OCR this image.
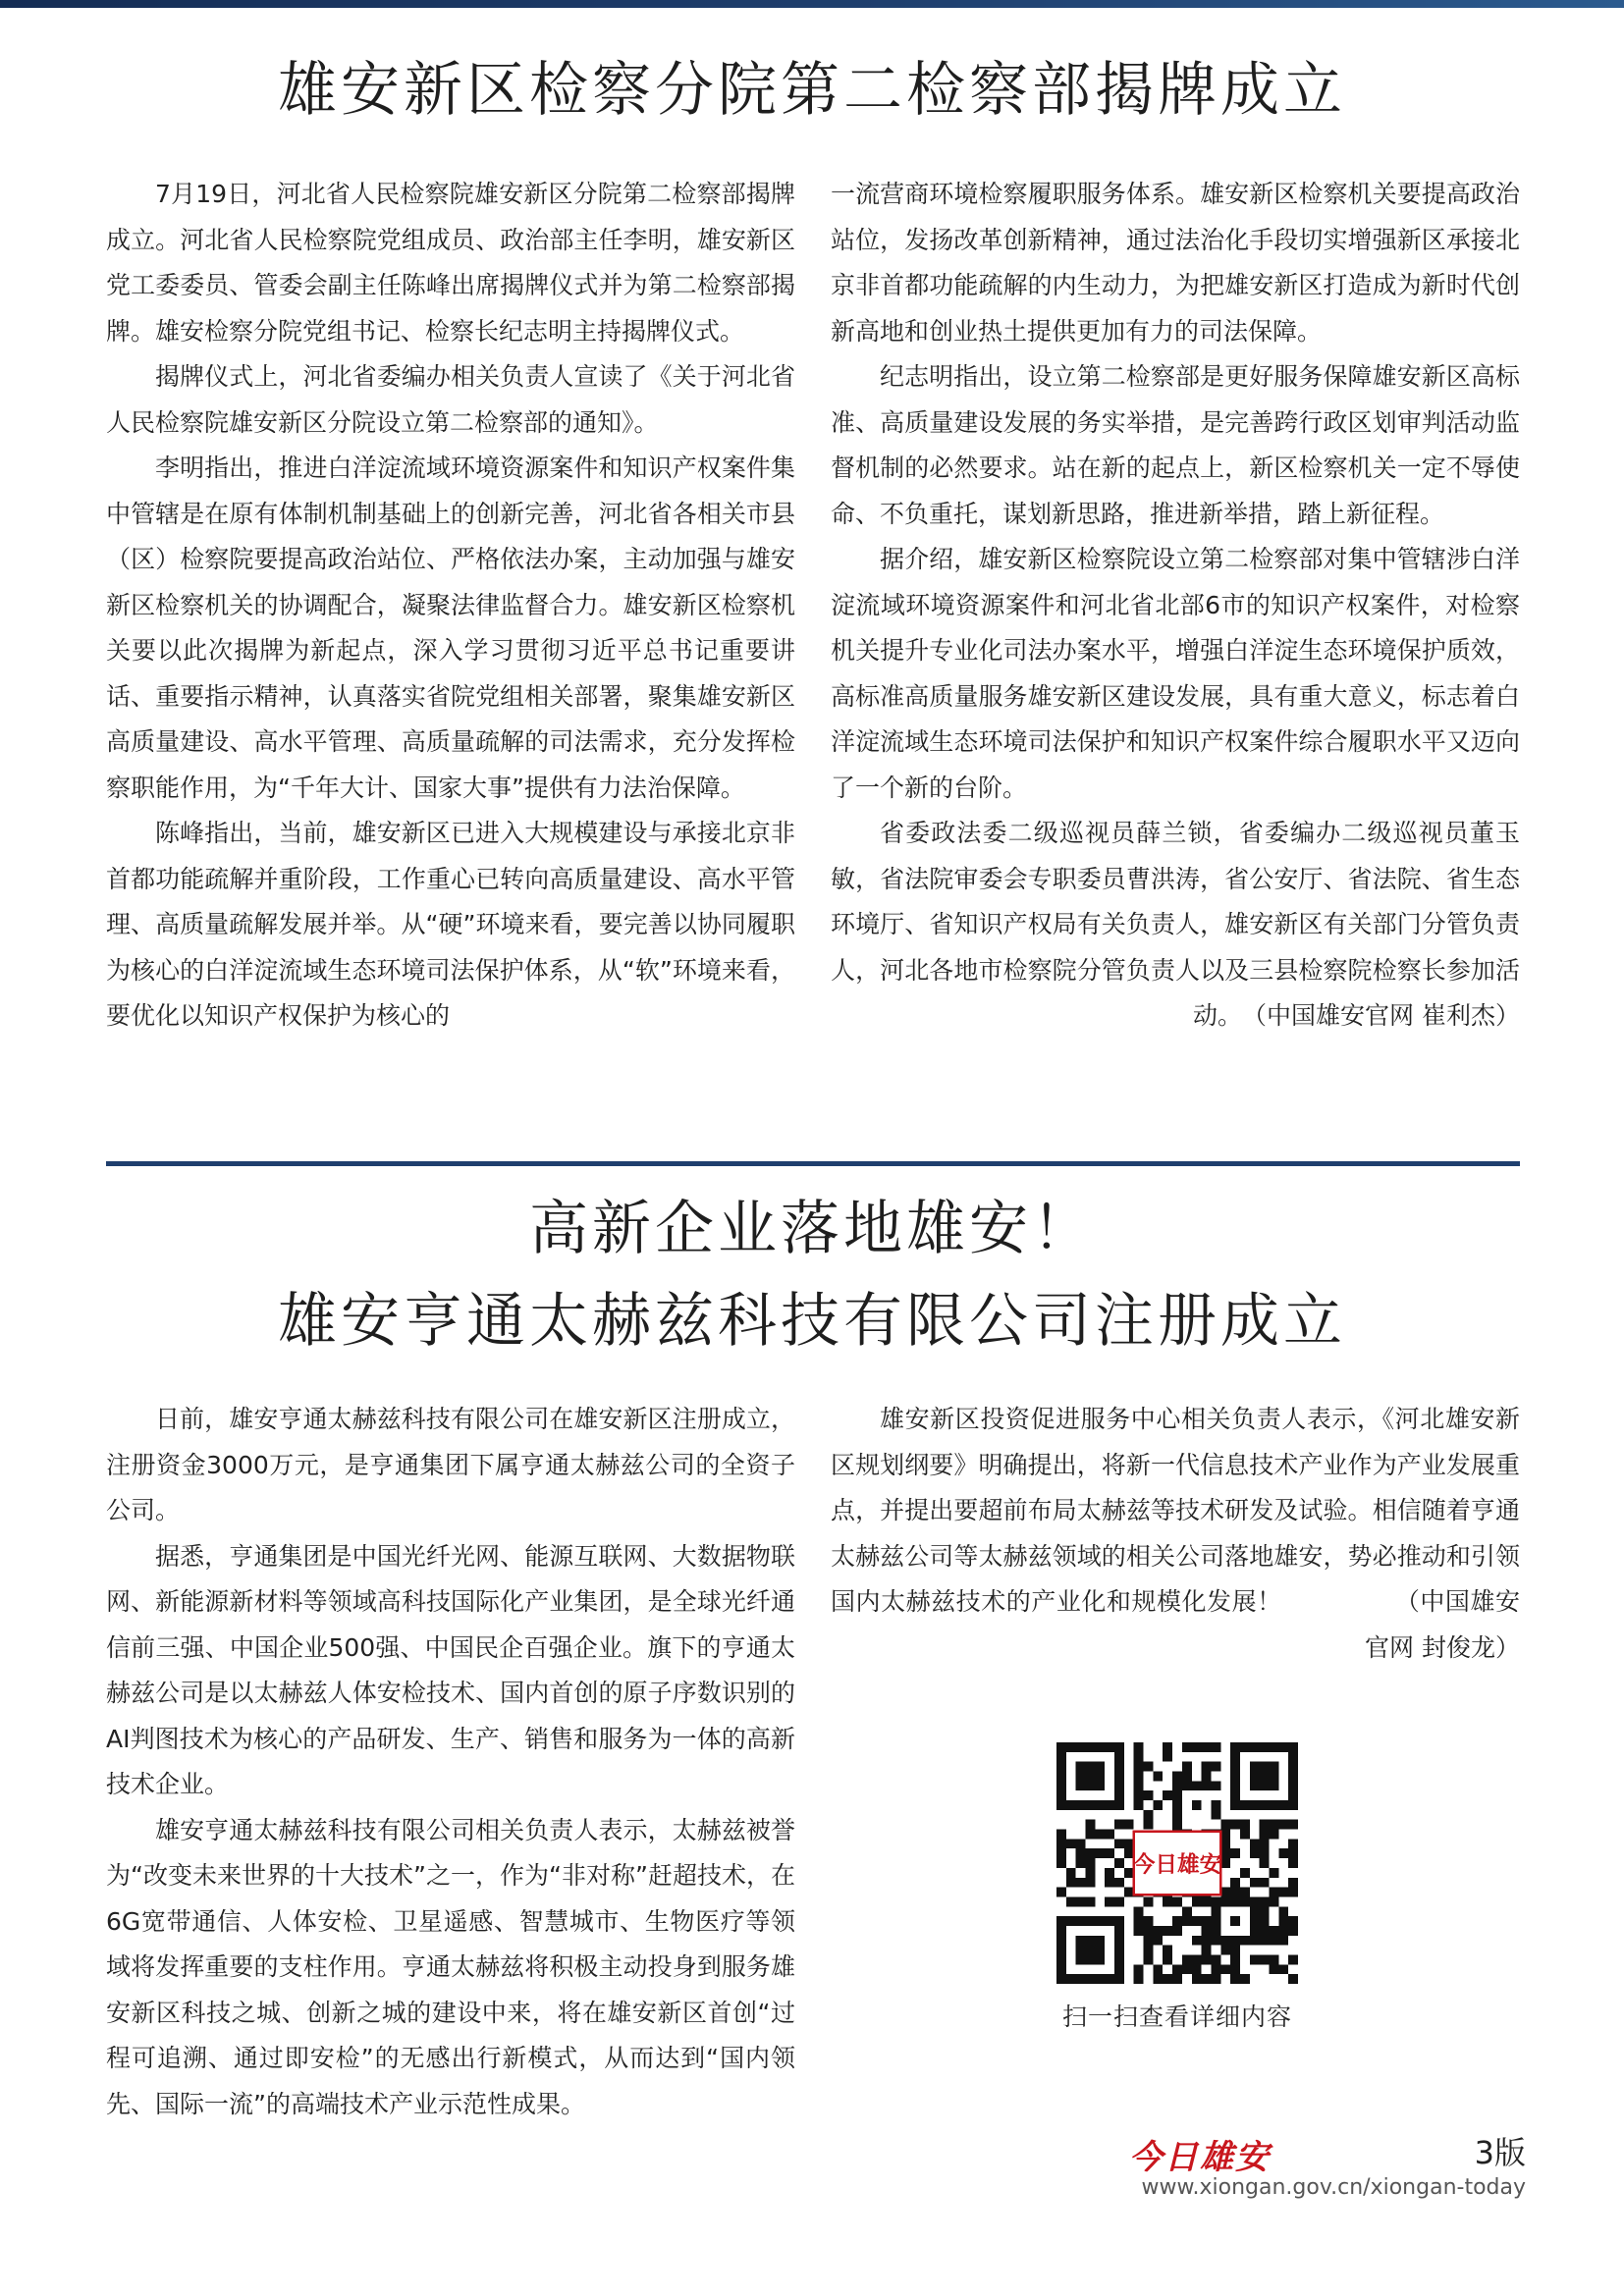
雄安新区检察分院第二检察部揭牌成立

7月19日，河北省人民检察院雄安新区分院第二检察部揭牌成立。河北省人民检察院党组成员、政治部主任李明，雄安新区党工委委员、管委会副主任陈峰出席揭牌仪式并为第二检察部揭牌。雄安检察分院党组书记、检察长纪志明主持揭牌仪式。

揭牌仪式上，河北省委编办相关负责人宣读了《关于河北省人民检察院雄安新区分院设立第二检察部的通知》。

李明指出，推进白洋淀流域环境资源案件和知识产权案件集中管辖是在原有体制机制基础上的创新完善，河北省各相关市县（区）检察院要提高政治站位、严格依法办案，主动加强与雄安新区检察机关的协调配合，凝聚法律监督合力。雄安新区检察机关要以此次揭牌为新起点，深入学习贯彻习近平总书记重要讲话、重要指示精神，认真落实省院党组相关部署，聚集雄安新区高质量建设、高水平管理、高质量疏解的司法需求，充分发挥检察职能作用，为“千年大计、国家大事”提供有力法治保障。

陈峰指出，当前，雄安新区已进入大规模建设与承接北京非首都功能疏解并重阶段，工作重心已转向高质量建设、高水平管理、高质量疏解发展并举。从“硬”环境来看，要完善以协同履职为核心的白洋淀流域生态环境司法保护体系，从“软”环境来看，要优化以知识产权保护为核心的

一流营商环境检察履职服务体系。雄安新区检察机关要提高政治站位，发扬改革创新精神，通过法治化手段切实增强新区承接北京非首都功能疏解的内生动力，为把雄安新区打造成为新时代创新高地和创业热土提供更加有力的司法保障。

纪志明指出，设立第二检察部是更好服务保障雄安新区高标准、高质量建设发展的务实举措，是完善跨行政区划审判活动监督机制的必然要求。站在新的起点上，新区检察机关一定不辱使命、不负重托，谋划新思路，推进新举措，踏上新征程。

据介绍，雄安新区检察院设立第二检察部对集中管辖涉白洋淀流域环境资源案件和河北省北部6市的知识产权案件，对检察机关提升专业化司法办案水平，增强白洋淀生态环境保护质效，高标准高质量服务雄安新区建设发展，具有重大意义，标志着白洋淀流域生态环境司法保护和知识产权案件综合履职水平又迈向了一个新的台阶。

省委政法委二级巡视员薛兰锁，省委编办二级巡视员董玉敏，省法院审委会专职委员曹洪涛，省公安厅、省法院、省生态环境厅、省知识产权局有关负责人，雄安新区有关部门分管负责人，河北各地市检察院分管负责人以及三县检察院检察长参加活动。　（中国雄安官网 崔利杰）

高新企业落地雄安！
雄安亨通太赫兹科技有限公司注册成立

日前，雄安亨通太赫兹科技有限公司在雄安新区注册成立，注册资金3000万元，是亨通集团下属亨通太赫兹公司的全资子公司。

据悉，亨通集团是中国光纤光网、能源互联网、大数据物联网、新能源新材料等领域高科技国际化产业集团，是全球光纤通信前三强、中国企业500强、中国民企百强企业。旗下的亨通太赫兹公司是以太赫兹人体安检技术、国内首创的原子序数识别的AI判图技术为核心的产品研发、生产、销售和服务为一体的高新技术企业。

雄安亨通太赫兹科技有限公司相关负责人表示，太赫兹被誉为“改变未来世界的十大技术”之一，作为“非对称”赶超技术，在6G宽带通信、人体安检、卫星遥感、智慧城市、生物医疗等领域将发挥重要的支柱作用。亨通太赫兹将积极主动投身到服务雄安新区科技之城、创新之城的建设中来，将在雄安新区首创“过程可追溯、通过即安检”的无感出行新模式，从而达到“国内领先、国际一流”的高端技术产业示范性成果。

雄安新区投资促进服务中心相关负责人表示，《河北雄安新区规划纲要》明确提出，将新一代信息技术产业作为产业发展重点，并提出要超前布局太赫兹等技术研发及试验。相信随着亨通太赫兹公司等太赫兹领域的相关公司落地雄安，势必推动和引领国内太赫兹技术的产业化和规模化发展！　　　　　（中国雄安官网 封俊龙）

今日雄安
扫一扫查看详细内容
今日雄安	3版
www.xiongan.gov.cn/xiongan-today
